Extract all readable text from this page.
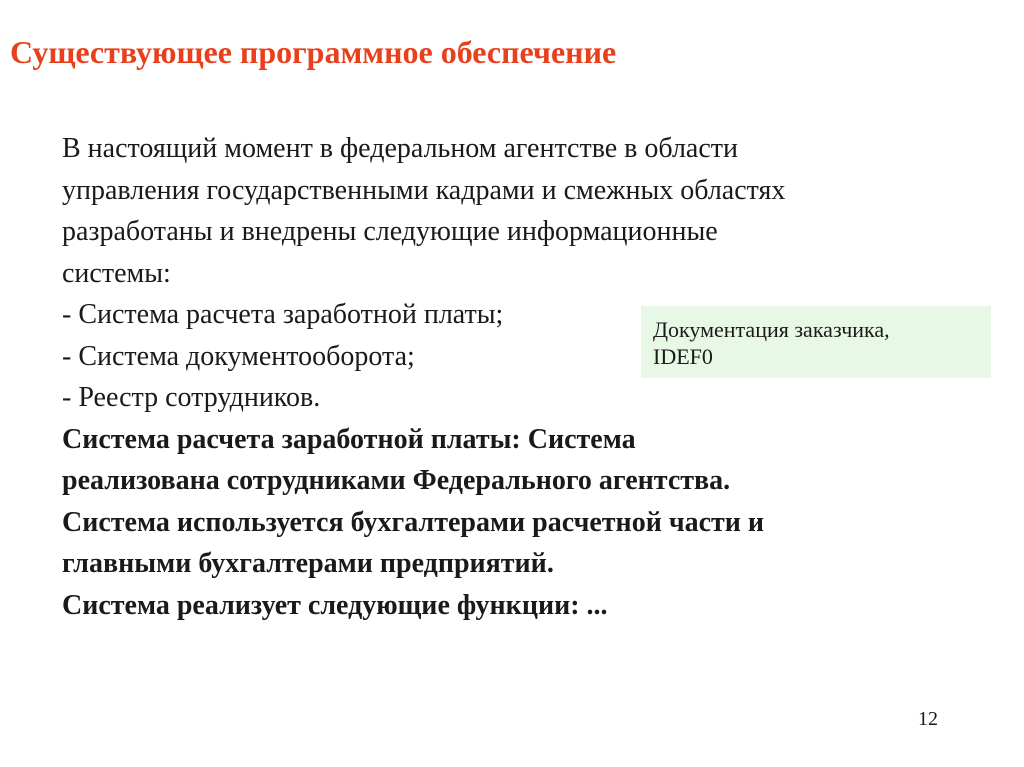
Существующее программное обеспечение
В настоящий момент в федеральном агентстве в области
управления государственными кадрами и смежных областях
разработаны и внедрены следующие информационные
системы:
- Система расчета заработной платы;
- Система документооборота;
- Реестр сотрудников.
Система расчета заработной платы: Система
реализована сотрудниками Федерального агентства.
Система используется бухгалтерами расчетной части и
главными бухгалтерами предприятий.
Система реализует следующие функции: ...
Документация заказчика,
IDEF0
12
